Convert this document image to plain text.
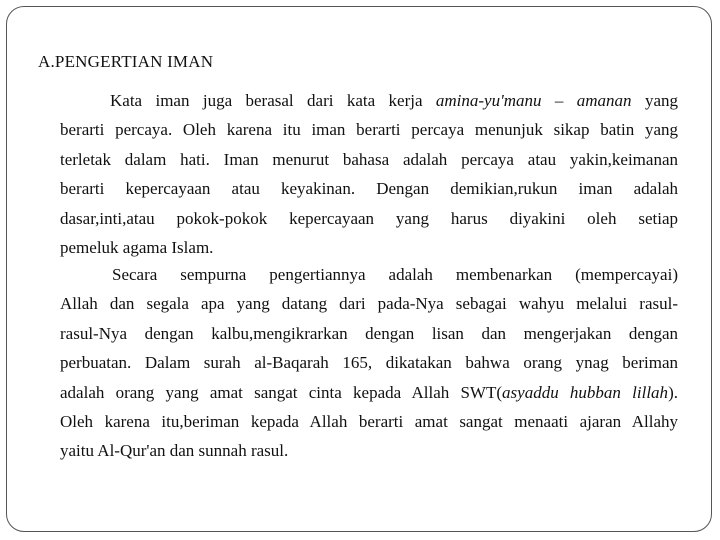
A.PENGERTIAN IMAN
Kata iman juga berasal dari kata kerja amina-yu'manu – amanan yang
berarti percaya. Oleh karena itu iman berarti percaya menunjuk sikap batin yang
terletak dalam hati. Iman menurut bahasa adalah percaya atau yakin,keimanan
berarti kepercayaan atau keyakinan. Dengan demikian,rukun iman adalah
dasar,inti,atau pokok-pokok kepercayaan yang harus diyakini oleh setiap
pemeluk agama Islam.
Secara sempurna pengertiannya adalah membenarkan (mempercayai)
Allah dan segala apa yang datang dari pada-Nya sebagai wahyu melalui rasul-
rasul-Nya dengan kalbu,mengikrarkan dengan lisan dan mengerjakan dengan
perbuatan. Dalam surah al-Baqarah 165, dikatakan bahwa orang ynag beriman
adalah orang yang amat sangat cinta kepada Allah SWT(asyaddu hubban lillah).
Oleh karena itu,beriman kepada Allah berarti amat sangat menaati ajaran Allahy
yaitu Al-Qur'an dan sunnah rasul.
